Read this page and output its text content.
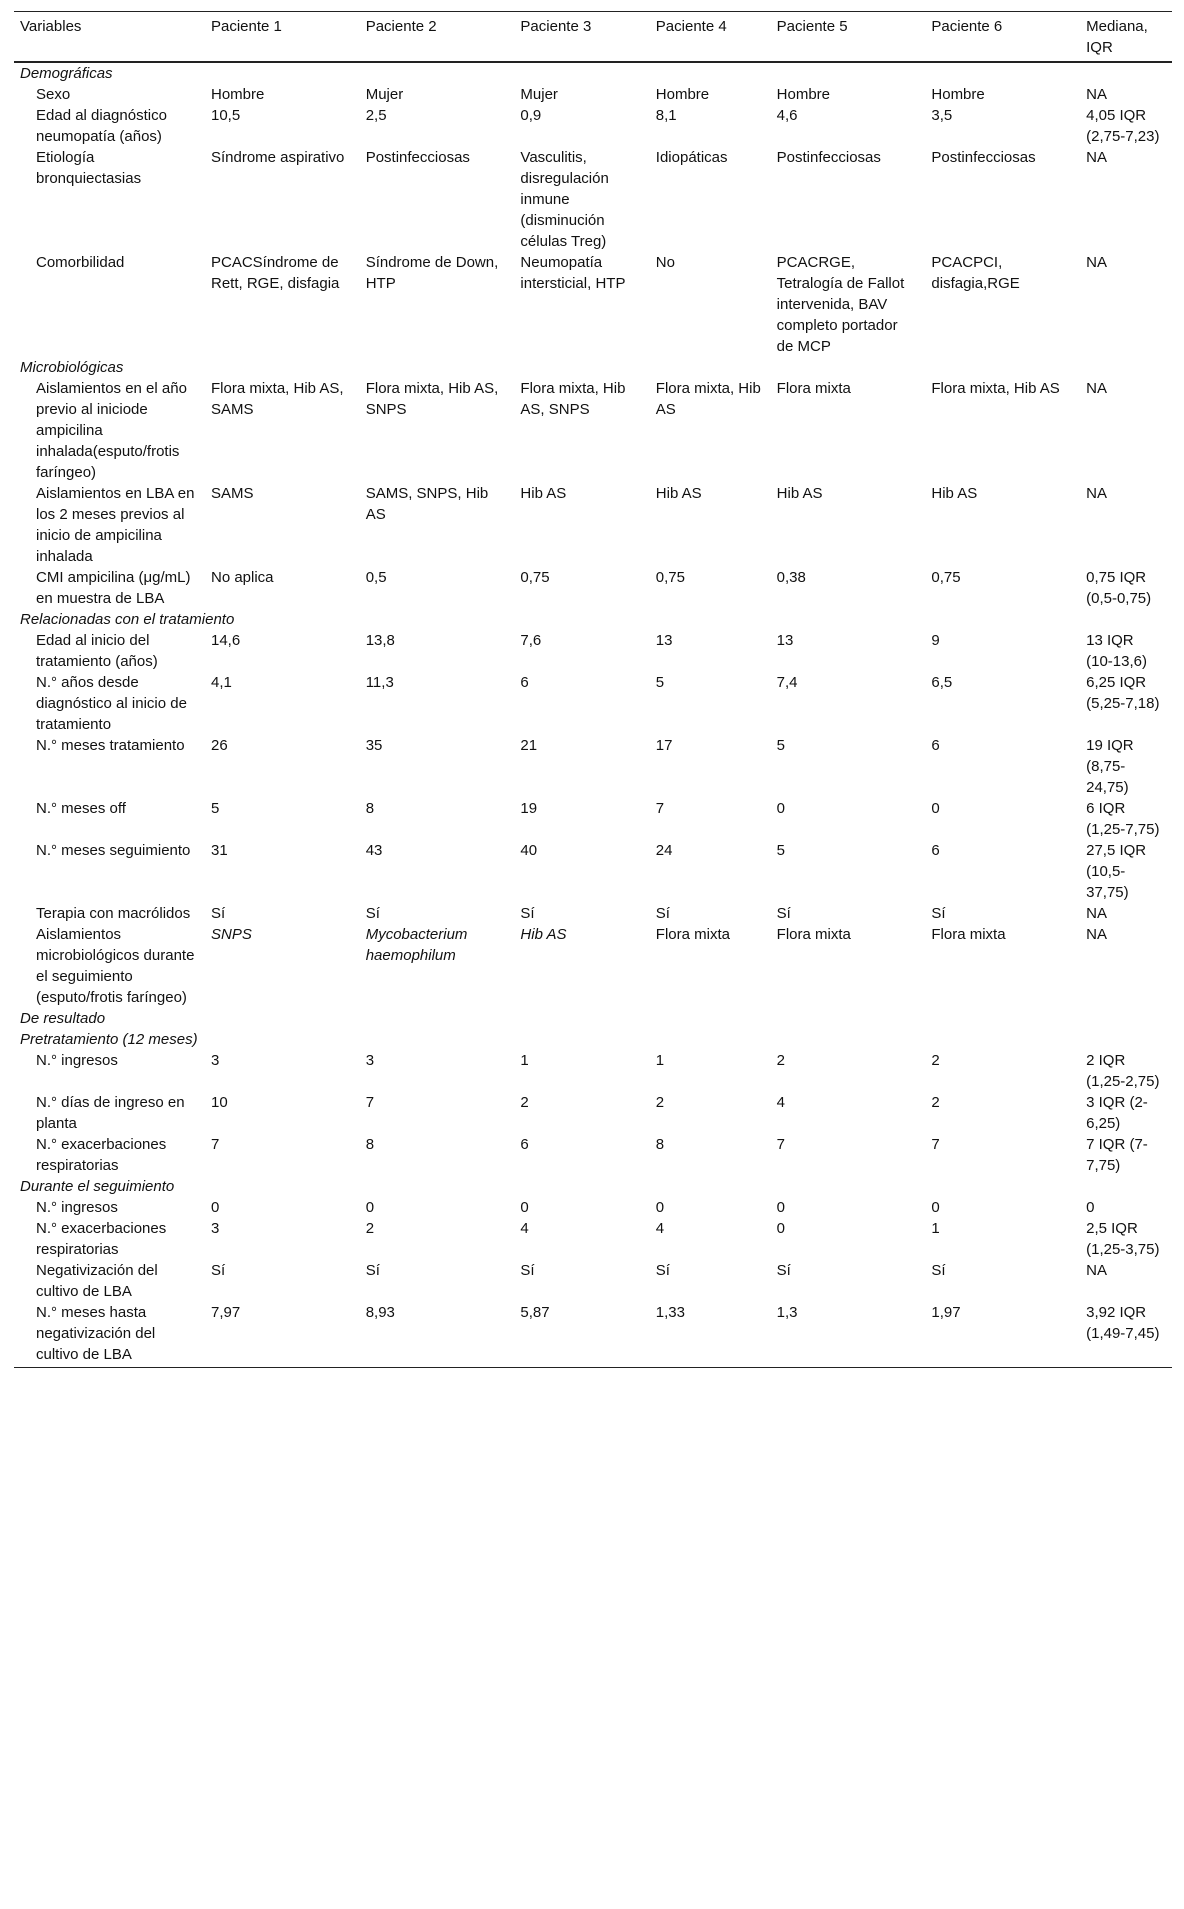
Variables	Paciente 1	Paciente 2	Paciente 3	Paciente 4	Paciente 5	Paciente 6	Mediana, IQR
Demográficas							
Sexo	Hombre	Mujer	Mujer	Hombre	Hombre	Hombre	NA
Edad al diagnóstico neumopatía (años)	10,5	2,5	0,9	8,1	4,6	3,5	4,05 IQR (2,75-7,23)
Etiología bronquiectasias	Síndrome aspirativo	Postinfecciosas	Vasculitis, disregulación inmune (disminución células Treg)	Idiopáticas	Postinfecciosas	Postinfecciosas	NA
Comorbilidad	PCACSíndrome de Rett, RGE, disfagia	Síndrome de Down, HTP	Neumopatía intersticial, HTP	No	PCACRGE, Tetralogía de Fallot intervenida, BAV completo portador de MCP	PCACPCI, disfagia,RGE	NA
Microbiológicas							
Aislamientos en el año previo al iniciode ampicilina inhalada(esputo/frotis faríngeo)	Flora mixta, Hib AS, SAMS	Flora mixta, Hib AS, SNPS	Flora mixta, Hib AS, SNPS	Flora mixta, Hib AS	Flora mixta	Flora mixta, Hib AS	NA
Aislamientos en LBA en los 2 meses previos al inicio de ampicilina inhalada	SAMS	SAMS, SNPS, Hib AS	Hib AS	Hib AS	Hib AS	Hib AS	NA
CMI ampicilina (μg/mL) en muestra de LBA	No aplica	0,5	0,75	0,75	0,38	0,75	0,75 IQR (0,5-0,75)
Relacionadas con el tratamiento							
Edad al inicio del tratamiento (años)	14,6	13,8	7,6	13	13	9	13 IQR (10-13,6)
N.° años desde diagnóstico al inicio de tratamiento	4,1	11,3	6	5	7,4	6,5	6,25 IQR (5,25-7,18)
N.° meses tratamiento	26	35	21	17	5	6	19 IQR (8,75-24,75)
N.° meses off	5	8	19	7	0	0	6 IQR (1,25-7,75)
N.° meses seguimiento	31	43	40	24	5	6	27,5 IQR (10,5-37,75)
Terapia con macrólidos	Sí	Sí	Sí	Sí	Sí	Sí	NA
Aislamientos microbiológicos durante el seguimiento (esputo/frotis faríngeo)	SNPS	Mycobacterium haemophilum	Hib AS	Flora mixta	Flora mixta	Flora mixta	NA
De resultado							
Pretratamiento (12 meses)							
N.° ingresos	3	3	1	1	2	2	2 IQR (1,25-2,75)
N.° días de ingreso en planta	10	7	2	2	4	2	3 IQR (2-6,25)
N.° exacerbaciones respiratorias	7	8	6	8	7	7	7 IQR (7-7,75)
Durante el seguimiento							
N.° ingresos	0	0	0	0	0	0	0
N.° exacerbaciones respiratorias	3	2	4	4	0	1	2,5 IQR (1,25-3,75)
Negativización del cultivo de LBA	Sí	Sí	Sí	Sí	Sí	Sí	NA
N.° meses hasta negativización del cultivo de LBA	7,97	8,93	5,87	1,33	1,3	1,97	3,92 IQR (1,49-7,45)
